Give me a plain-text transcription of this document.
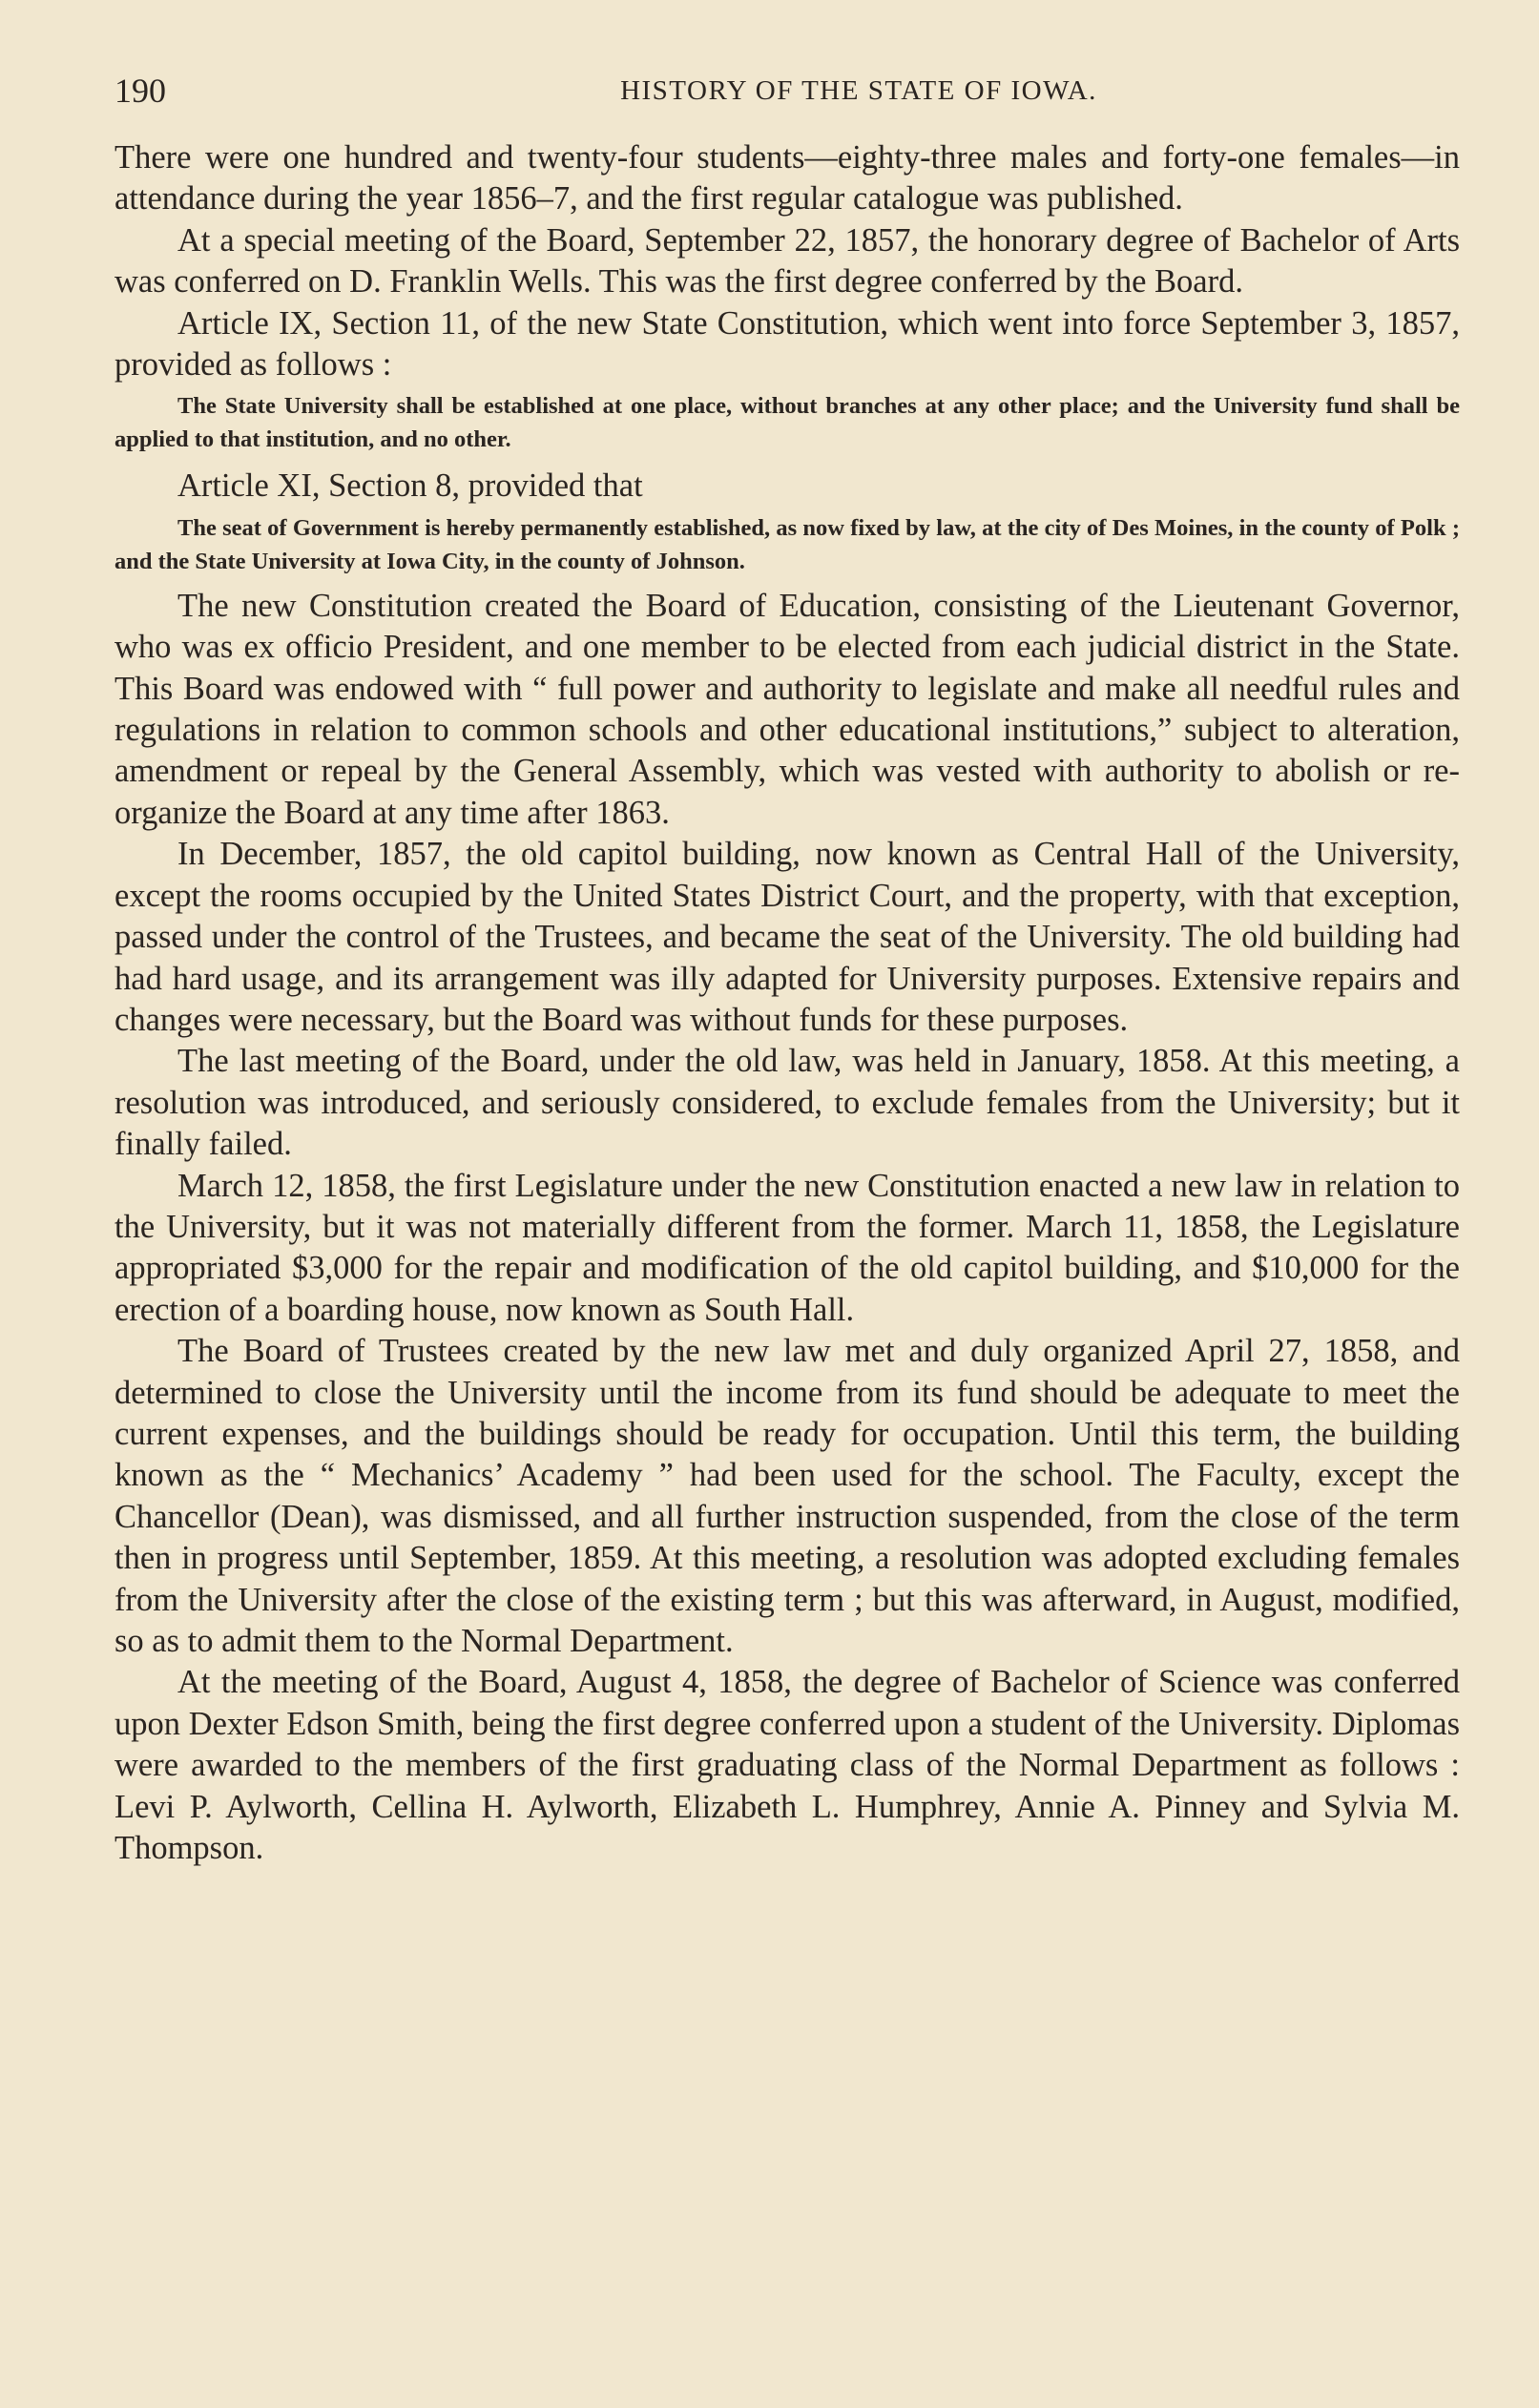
190	HISTORY OF THE STATE OF IOWA.

There were one hundred and twenty-four students—eighty-three males and forty-one females—in attendance during the year 1856–7, and the first regular catalogue was published.

At a special meeting of the Board, September 22, 1857, the honorary degree of Bachelor of Arts was conferred on D. Franklin Wells. This was the first degree conferred by the Board.

Article IX, Section 11, of the new State Constitution, which went into force September 3, 1857, provided as follows :

The State University shall be established at one place, without branches at any other place; and the University fund shall be applied to that institution, and no other.

Article XI, Section 8, provided that

The seat of Government is hereby permanently established, as now fixed by law, at the city of Des Moines, in the county of Polk ; and the State University at Iowa City, in the county of Johnson.

The new Constitution created the Board of Education, consisting of the Lieutenant Governor, who was ex officio President, and one member to be elected from each judicial district in the State. This Board was endowed with “ full power and authority to legislate and make all needful rules and regulations in relation to common schools and other educational institutions,” subject to alteration, amendment or repeal by the General Assembly, which was vested with authority to abolish or re-organize the Board at any time after 1863.

In December, 1857, the old capitol building, now known as Central Hall of the University, except the rooms occupied by the United States District Court, and the property, with that exception, passed under the control of the Trustees, and became the seat of the University. The old building had had hard usage, and its arrangement was illy adapted for University purposes. Extensive repairs and changes were necessary, but the Board was without funds for these purposes.

The last meeting of the Board, under the old law, was held in January, 1858. At this meeting, a resolution was introduced, and seriously considered, to exclude females from the University; but it finally failed.

March 12, 1858, the first Legislature under the new Constitution enacted a new law in relation to the University, but it was not materially different from the former. March 11, 1858, the Legislature appropriated $3,000 for the repair and modification of the old capitol building, and $10,000 for the erection of a boarding house, now known as South Hall.

The Board of Trustees created by the new law met and duly organized April 27, 1858, and determined to close the University until the income from its fund should be adequate to meet the current expenses, and the buildings should be ready for occupation. Until this term, the building known as the “ Mechanics’ Academy ” had been used for the school. The Faculty, except the Chancellor (Dean), was dismissed, and all further instruction suspended, from the close of the term then in progress until September, 1859. At this meeting, a resolution was adopted excluding females from the University after the close of the existing term ; but this was afterward, in August, modified, so as to admit them to the Normal Department.

At the meeting of the Board, August 4, 1858, the degree of Bachelor of Science was conferred upon Dexter Edson Smith, being the first degree conferred upon a student of the University. Diplomas were awarded to the members of the first graduating class of the Normal Department as follows : Levi P. Aylworth, Cellina H. Aylworth, Elizabeth L. Humphrey, Annie A. Pinney and Sylvia M. Thompson.
